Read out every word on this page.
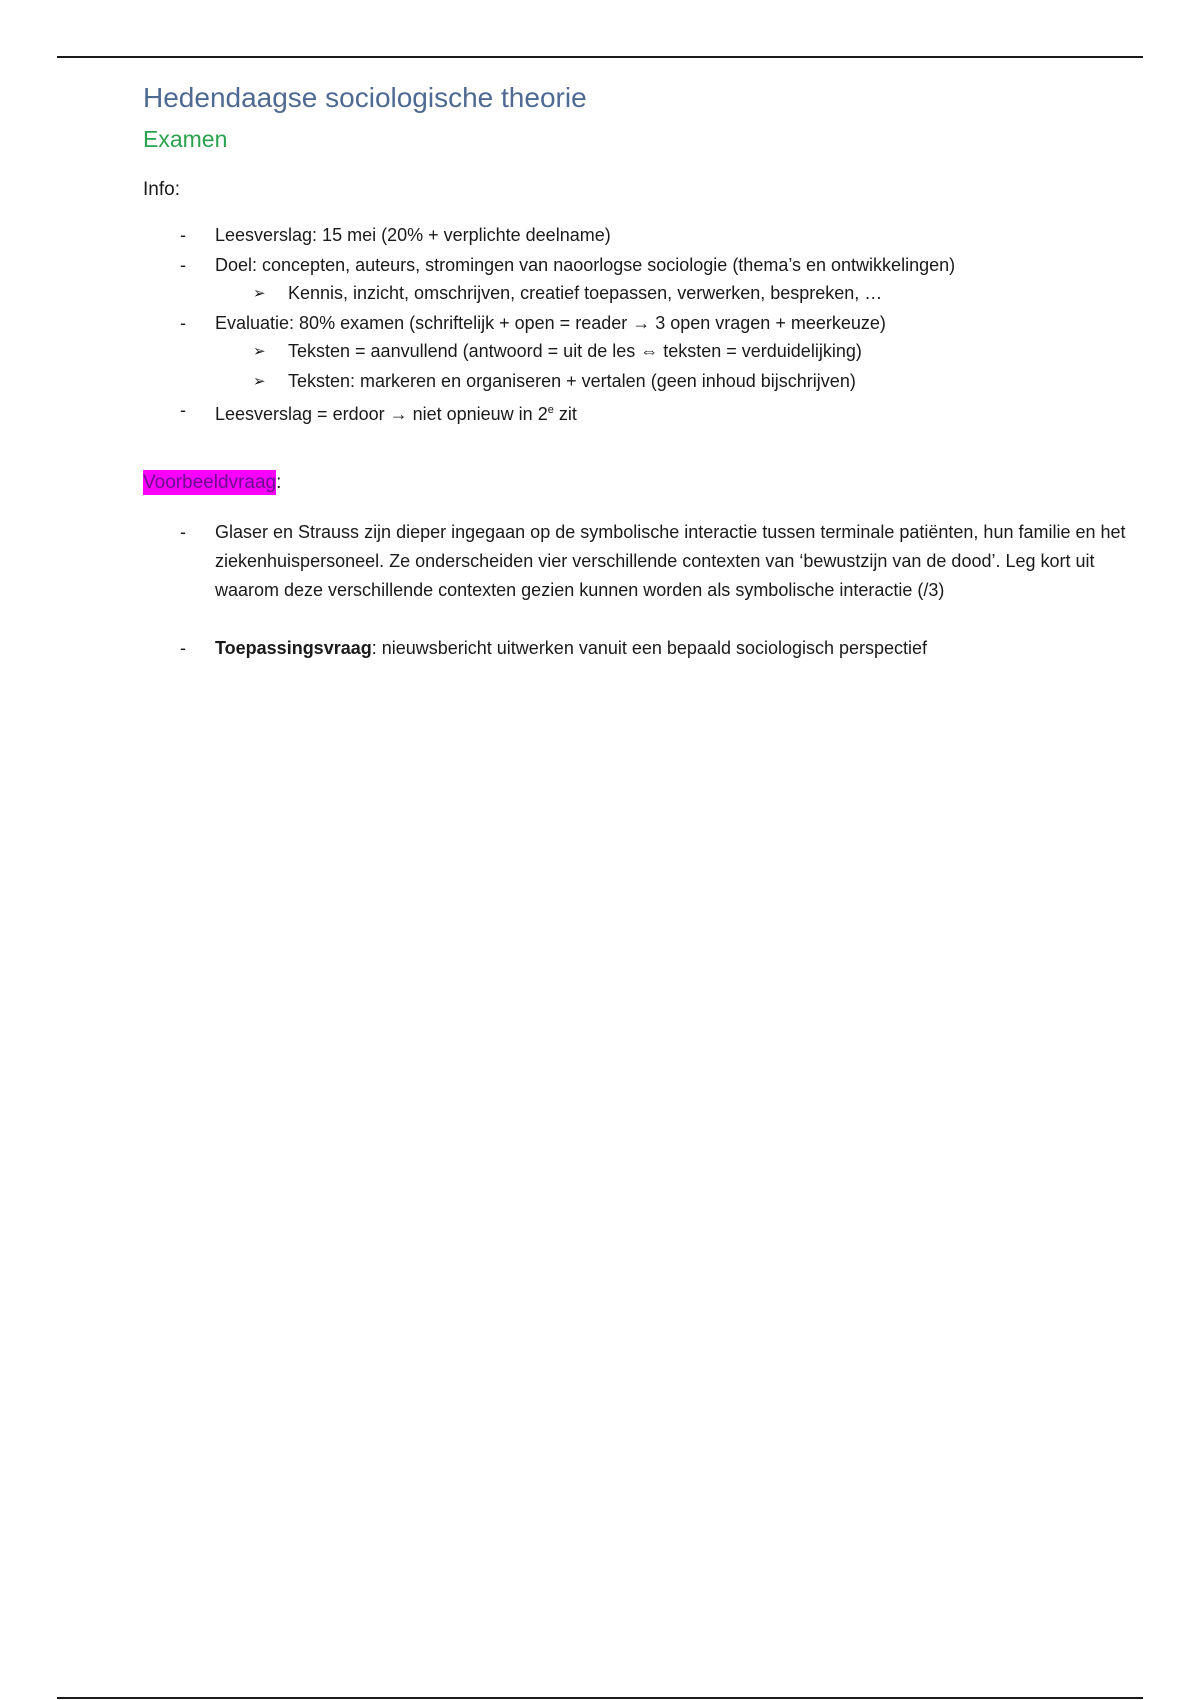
Hedendaagse sociologische theorie
Examen
Info:
- Leesverslag: 15 mei (20% + verplichte deelname)
- Doel: concepten, auteurs, stromingen van naoorlogse sociologie (thema’s en ontwikkelingen)
➢ Kennis, inzicht, omschrijven, creatief toepassen, verwerken, bespreken, …
- Evaluatie: 80% examen (schriftelijk + open = reader → 3 open vragen + meerkeuze)
➢ Teksten = aanvullend (antwoord = uit de les ⇔ teksten = verduidelijking)
➢ Teksten: markeren en organiseren + vertalen (geen inhoud bijschrijven)
- Leesverslag = erdoor → niet opnieuw in 2e zit
Voorbeeldvraag:
- Glaser en Strauss zijn dieper ingegaan op de symbolische interactie tussen terminale patiënten, hun familie en het ziekenhuispersoneel. Ze onderscheiden vier verschillende contexten van ‘bewustzijn van de dood’. Leg kort uit waarom deze verschillende contexten gezien kunnen worden als symbolische interactie (/3)
- Toepassingsvraag: nieuwsbericht uitwerken vanuit een bepaald sociologisch perspectief
